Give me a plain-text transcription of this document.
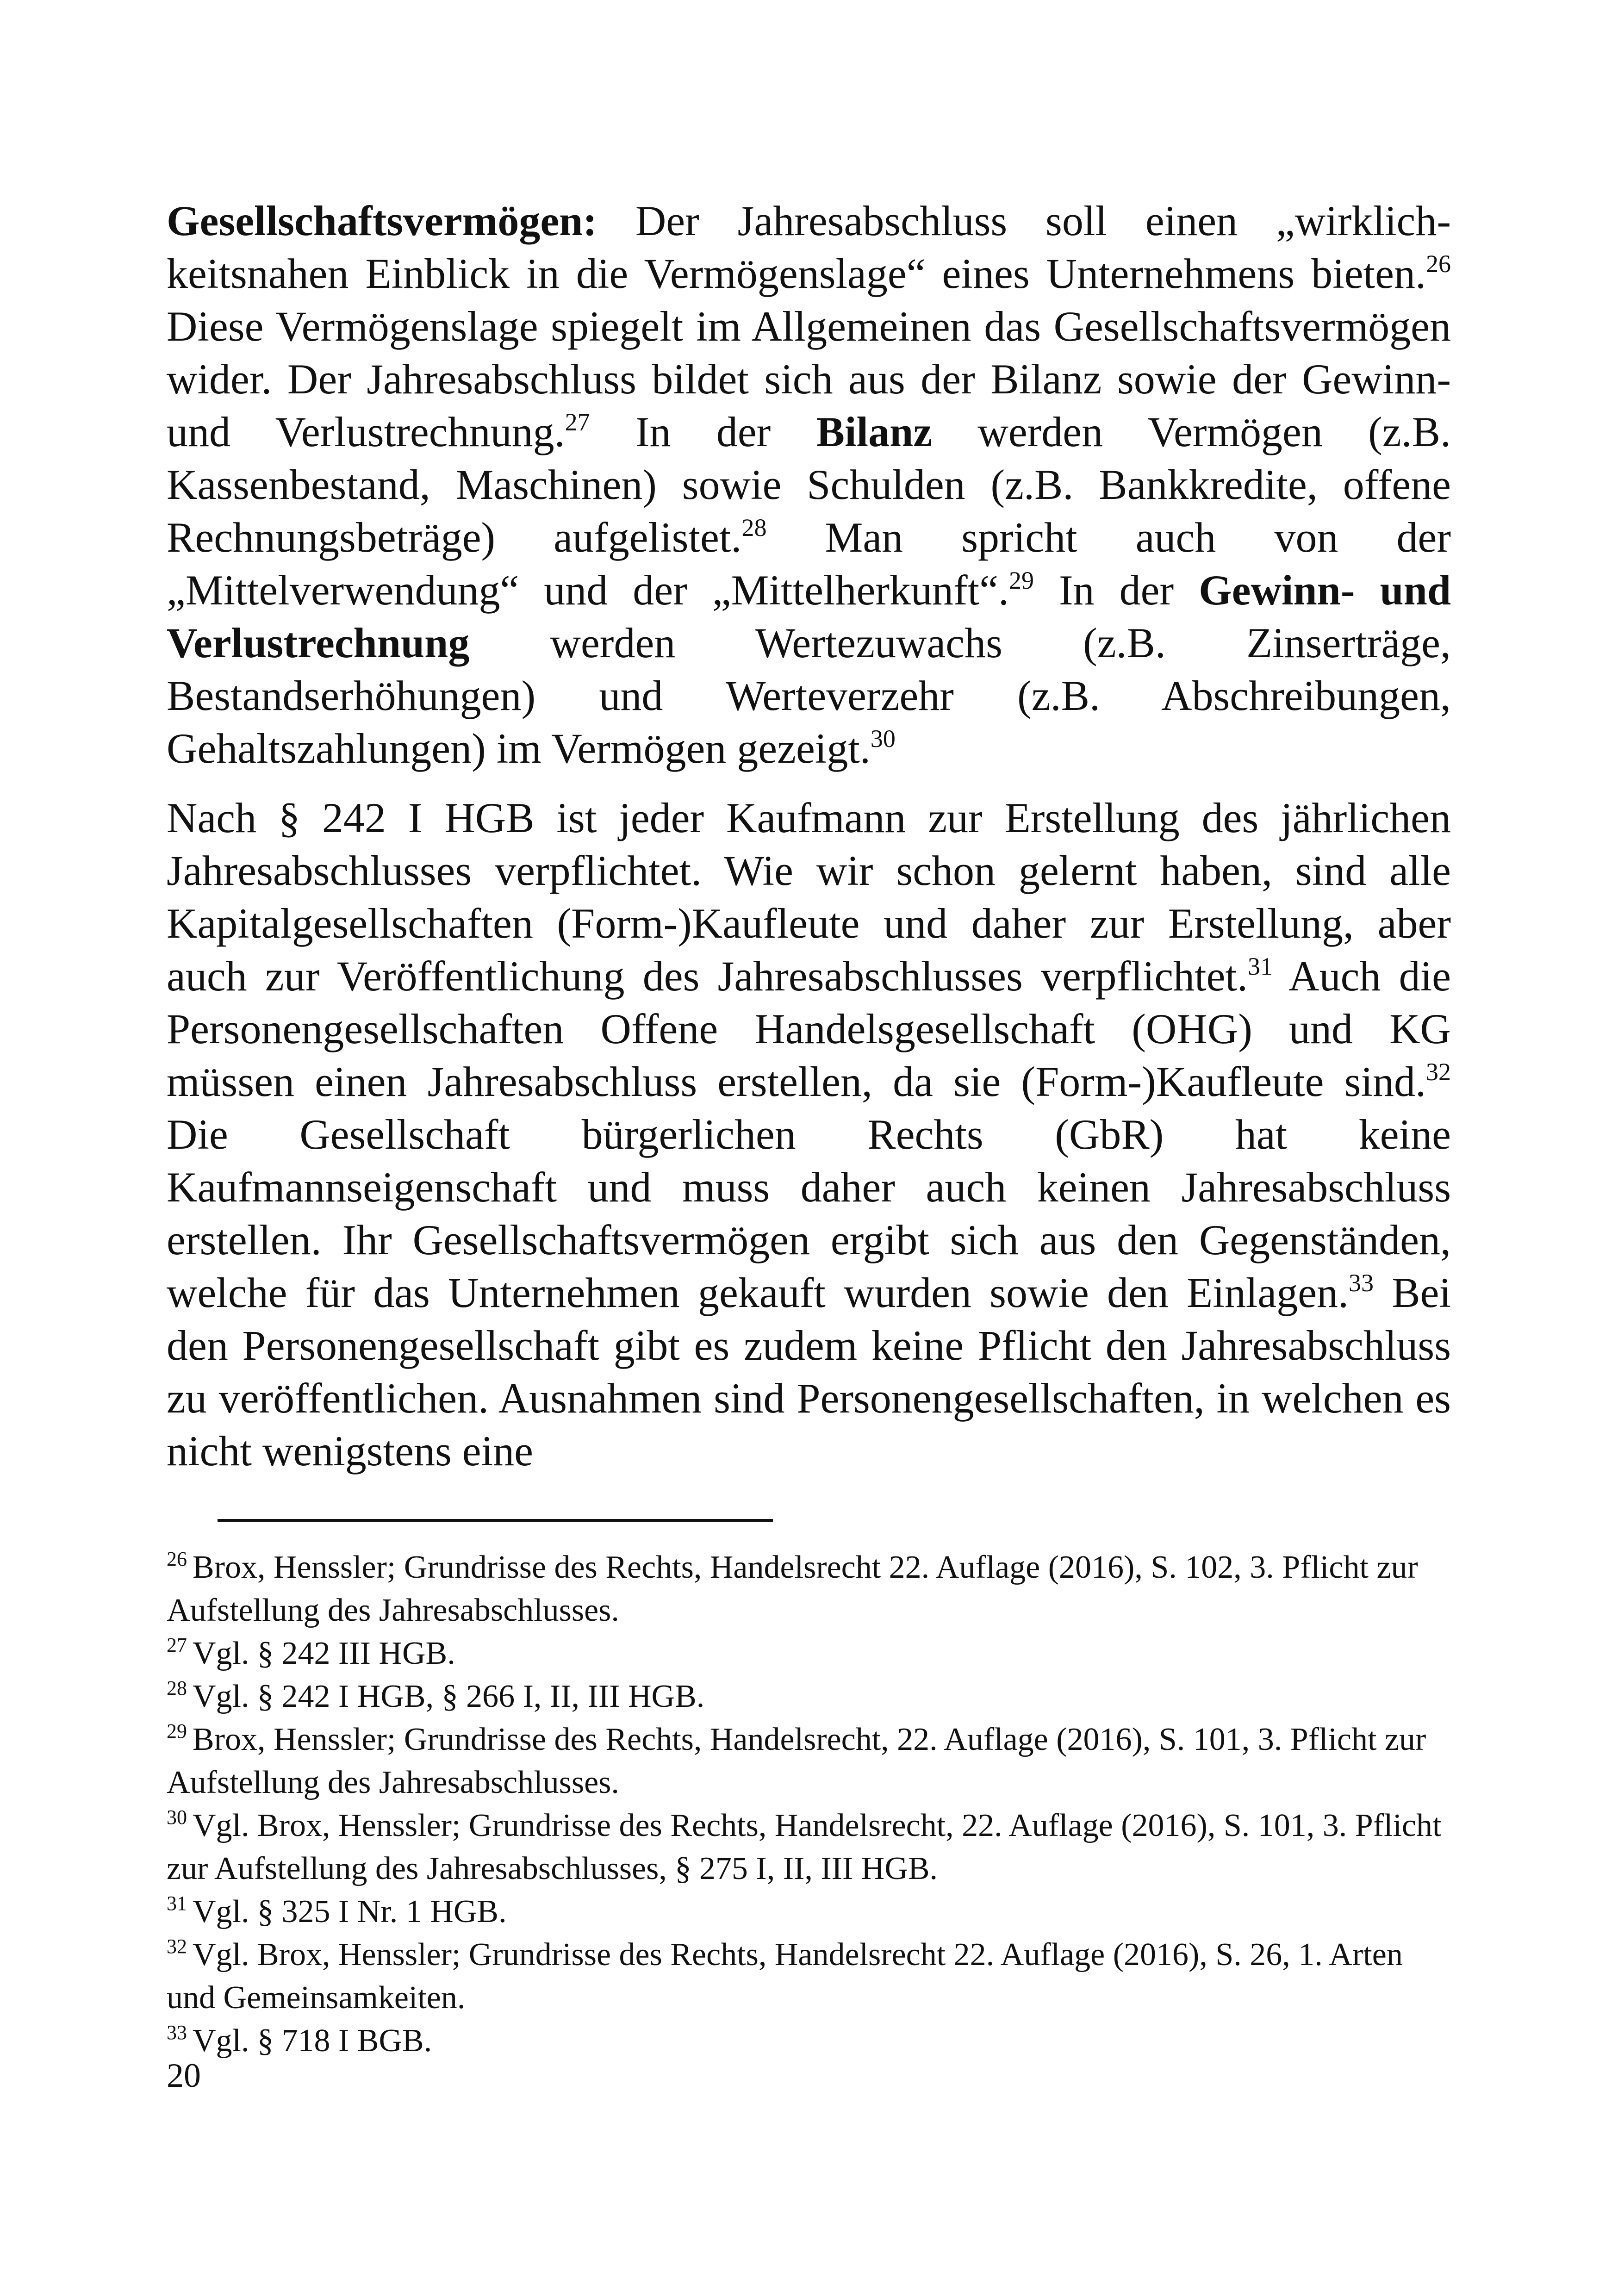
Gesellschaftsvermögen: Der Jahresabschluss soll einen „wirklichkeitsnahen Einblick in die Vermögenslage“ eines Unternehmens bieten.$^{26}$ Diese Vermögenslage spiegelt im Allgemeinen das Gesellschaftsvermögen wider. Der Jahresabschluss bildet sich aus der Bilanz sowie der Gewinn- und Verlustrechnung.$^{27}$ In der Bilanz werden Vermögen (z.B. Kassenbestand, Maschinen) sowie Schulden (z.B. Bankkredite, offene Rechnungsbeträge) aufgelistet.$^{28}$ Man spricht auch von der „Mittelverwendung“ und der „Mittelherkunft“.$^{29}$ In der Gewinn- und Verlustrechnung werden Wertezuwachs (z.B. Zinserträge, Bestandserhöhungen) und Werteverzehr (z.B. Abschreibungen, Gehaltszahlungen) im Vermögen gezeigt.$^{30}$

Nach § 242 I HGB ist jeder Kaufmann zur Erstellung des jährlichen Jahresabschlusses verpflichtet. Wie wir schon gelernt haben, sind alle Kapitalgesellschaften (Form-)Kaufleute und daher zur Erstellung, aber auch zur Veröffentlichung des Jahresabschlusses verpflichtet.$^{31}$ Auch die Personengesellschaften Offene Handelsgesellschaft (OHG) und KG müssen einen Jahresabschluss erstellen, da sie (Form-)Kaufleute sind.$^{32}$ Die Gesellschaft bürgerlichen Rechts (GbR) hat keine Kaufmannseigenschaft und muss daher auch keinen Jahresabschluss erstellen. Ihr Gesellschaftsvermögen ergibt sich aus den Gegenständen, welche für das Unternehmen gekauft wurden sowie den Einlagen.$^{33}$ Bei den Personengesellschaft gibt es zudem keine Pflicht den Jahresabschluss zu veröffentlichen. Ausnahmen sind Personengesellschaften, in welchen es nicht wenigstens eine

$^{26}$ Brox, Henssler; Grundrisse des Rechts, Handelsrecht 22. Auflage (2016), S. 102, 3. Pflicht zur Aufstellung des Jahresabschlusses.

$^{27}$ Vgl. § 242 III HGB.

$^{28}$ Vgl. § 242 I HGB, § 266 I, II, III HGB.

$^{29}$ Brox, Henssler; Grundrisse des Rechts, Handelsrecht, 22. Auflage (2016), S. 101, 3. Pflicht zur Aufstellung des Jahresabschlusses.

$^{30}$ Vgl. Brox, Henssler; Grundrisse des Rechts, Handelsrecht, 22. Auflage (2016), S. 101, 3. Pflicht zur Aufstellung des Jahresabschlusses, § 275 I, II, III HGB.

$^{31}$ Vgl. § 325 I Nr. 1 HGB.

$^{32}$ Vgl. Brox, Henssler; Grundrisse des Rechts, Handelsrecht 22. Auflage (2016), S. 26, 1. Arten und Gemeinsamkeiten.

$^{33}$ Vgl. § 718 I BGB.

20
